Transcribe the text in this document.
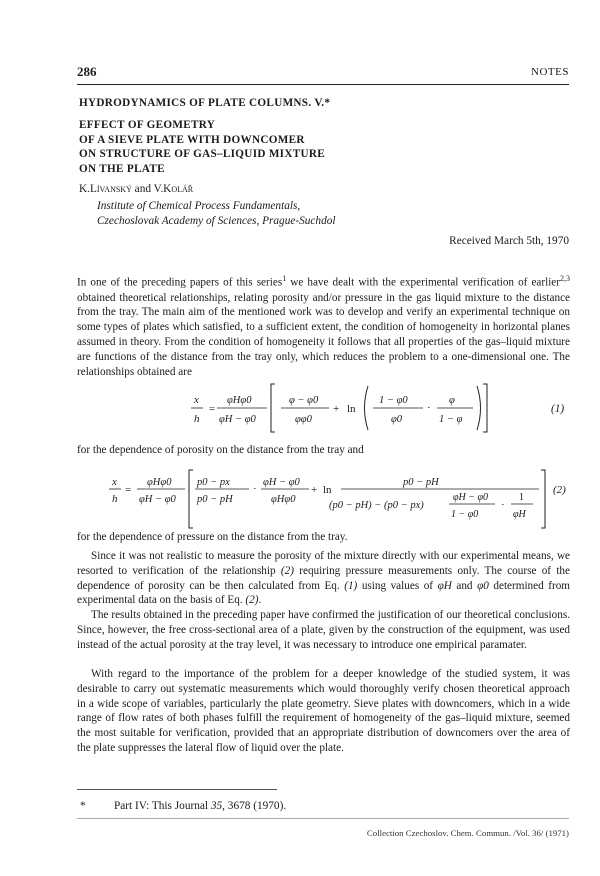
286	NOTES
HYDRODYNAMICS OF PLATE COLUMNS. V.*
EFFECT OF GEOMETRY
OF A SIEVE PLATE WITH DOWNCOMER
ON STRUCTURE OF GAS–LIQUID MIXTURE
ON THE PLATE
K.Lívanský and V.Kolář
Institute of Chemical Process Fundamentals,
Czechoslovak Academy of Sciences, Prague-Suchdol
Received March 5th, 1970
In one of the preceding papers of this series$^1$ we have dealt with the experimental verification of earlier$^{2,3}$ obtained theoretical relationships, relating porosity and/or pressure in the gas liquid mixture to the distance from the tray. The main aim of the mentioned work was to develop and verify an experimental technique on some types of plates which satisfied, to a sufficient extent, the condition of homogeneity in horizontal planes assumed in theory. From the condition of homogeneity it follows that all properties of the gas–liquid mixture are functions of the distance from the tray only, which reduces the problem to a one-dimensional one. The relationships obtained are
x
h
=
φHφ0
φH − φ0
φ − φ0
φφ0
+ ln
1 − φ0
φ0
·
φ
1 − φ
(1)
for the dependence of porosity on the distance from the tray and
x
h
=
φHφ0
φH − φ0
p0 − px
p0 − pH
·
φH − φ0
φHφ0
+ ln
p0 − pH
(p0 − pH) − (p0 − px)
φH − φ0
1 − φ0
·
1
φH
(2)
for the dependence of pressure on the distance from the tray.
Since it was not realistic to measure the porosity of the mixture directly with our experimental means, we resorted to verification of the relationship (2) requiring pressure measurements only. The course of the dependence of porosity can be then calculated from Eq. (1) using values of φH and φ0 determined from experimental data on the basis of Eq. (2).
The results obtained in the preceding paper have confirmed the justification of our theoretical conclusions. Since, however, the free cross-sectional area of a plate, given by the construction of the equipment, was used instead of the actual porosity at the tray level, it was necessary to introduce one empirical paramater.
With regard to the importance of the problem for a deeper knowledge of the studied system, it was desirable to carry out systematic measurements which would thoroughly verify chosen theoretical approach in a wide scope of variables, particularly the plate geometry. Sieve plates with downcomers, which in a wide range of flow rates of both phases fulfill the requirement of homogeneity of the gas–liquid mixture, seemed the most suitable for verification, provided that an appropriate distribution of downcomers over the area of the plate suppresses the lateral flow of liquid over the plate.
*	Part IV: This Journal 35, 3678 (1970).
Collection Czechoslov. Chem. Commun. /Vol. 36/ (1971)
